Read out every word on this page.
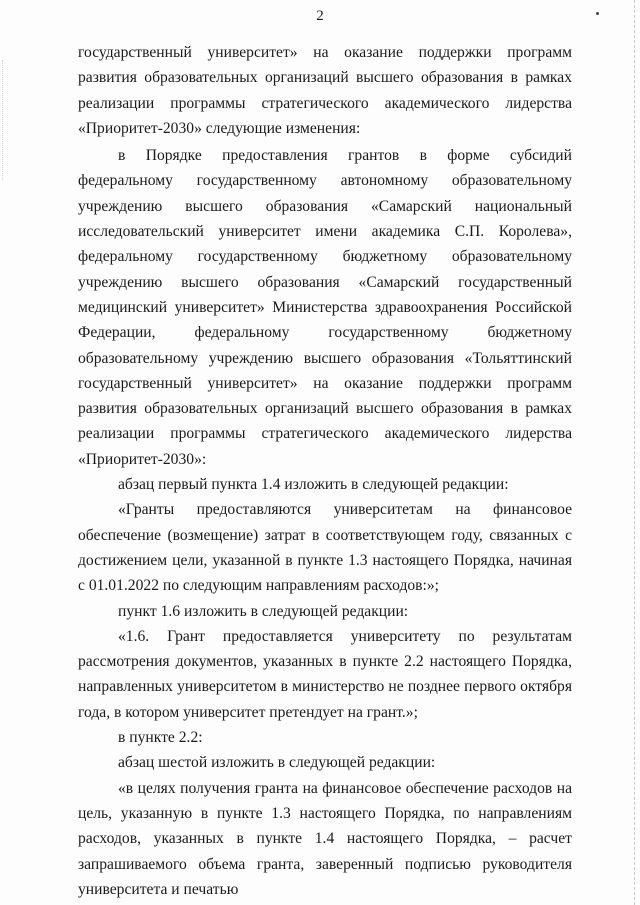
2

государственный университет» на оказание поддержки программ развития образовательных организаций высшего образования в рамках реализации программы стратегического академического лидерства «Приоритет-2030» следующие изменения:

в Порядке предоставления грантов в форме субсидий федеральному государственному автономному образовательному учреждению высшего образования «Самарский национальный исследовательский университет имени академика С.П. Королева», федеральному государственному бюджетному образовательному учреждению высшего образования «Самарский государственный медицинский университет» Министерства здравоохранения Российской Федерации, федеральному государственному бюджетному образовательному учреждению высшего образования «Тольяттинский государственный университет» на оказание поддержки программ развития образовательных организаций высшего образования в рамках реализации программы стратегического академического лидерства «Приоритет-2030»:

абзац первый пункта 1.4 изложить в следующей редакции:

«Гранты предоставляются университетам на финансовое обеспечение (возмещение) затрат в соответствующем году, связанных с достижением цели, указанной в пункте 1.3 настоящего Порядка, начиная с 01.01.2022 по следующим направлениям расходов:»;

пункт 1.6 изложить в следующей редакции:

«1.6. Грант предоставляется университету по результатам рассмотрения документов, указанных в пункте 2.2 настоящего Порядка, направленных университетом в министерство не позднее первого октября года, в котором университет претендует на грант.»;

в пункте 2.2:

абзац шестой изложить в следующей редакции:

«в целях получения гранта на финансовое обеспечение расходов на цель, указанную в пункте 1.3 настоящего Порядка, по направлениям расходов, указанных в пункте 1.4 настоящего Порядка, – расчет запрашиваемого объема гранта, заверенный подписью руководителя университета и печатью
